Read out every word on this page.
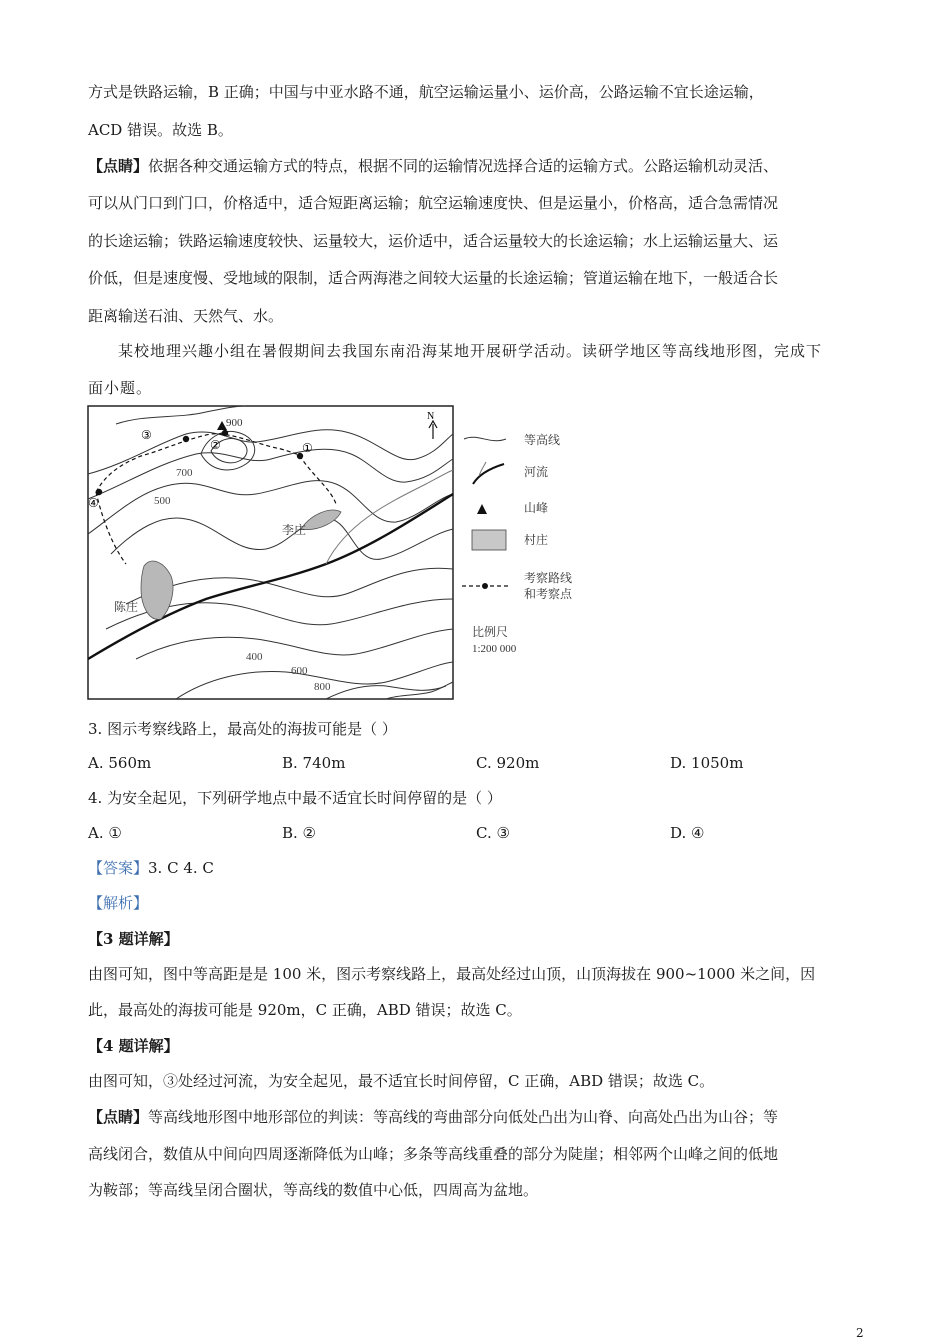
方式是铁路运输，B 正确；中国与中亚水路不通，航空运输运量小、运价高，公路运输不宜长途运输，
ACD 错误。故选 B。
【点睛】依据各种交通运输方式的特点，根据不同的运输情况选择合适的运输方式。公路运输机动灵活、
可以从门口到门口，价格适中，适合短距离运输；航空运输速度快、但是运量小，价格高，适合急需情况
的长途运输；铁路运输速度较快、运量较大，运价适中，适合运量较大的长途运输；水上运输运量大、运
价低，但是速度慢、受地域的限制，适合两海港之间较大运量的长途运输；管道运输在地下，一般适合长
距离输送石油、天然气、水。
某校地理兴趣小组在暑假期间去我国东南沿海某地开展研学活动。读研学地区等高线地形图，完成下
面小题。
N
900
700
500
400
600
800
①
②
③
④
李庄
陈庄
等高线
河流
山峰
村庄
考察路线
和考察点
比例尺
1:200 000
3. 图示考察线路上，最高处的海拔可能是（ ）
A. 560m	B. 740m	C. 920m	D. 1050m
4. 为安全起见，下列研学地点中最不适宜长时间停留的是（ ）
A. ①	B. ②	C. ③	D. ④
【答案】3. C 4. C
【解析】
【3 题详解】
由图可知，图中等高距是是 100 米，图示考察线路上，最高处经过山顶，山顶海拔在 900~1000 米之间，因
此，最高处的海拔可能是 920m，C 正确，ABD 错误；故选 C。
【4 题详解】
由图可知，③处经过河流，为安全起见，最不适宜长时间停留，C 正确，ABD 错误；故选 C。
【点睛】等高线地形图中地形部位的判读：等高线的弯曲部分向低处凸出为山脊、向高处凸出为山谷；等
高线闭合，数值从中间向四周逐渐降低为山峰；多条等高线重叠的部分为陡崖；相邻两个山峰之间的低地
为鞍部；等高线呈闭合圈状，等高线的数值中心低，四周高为盆地。
2
